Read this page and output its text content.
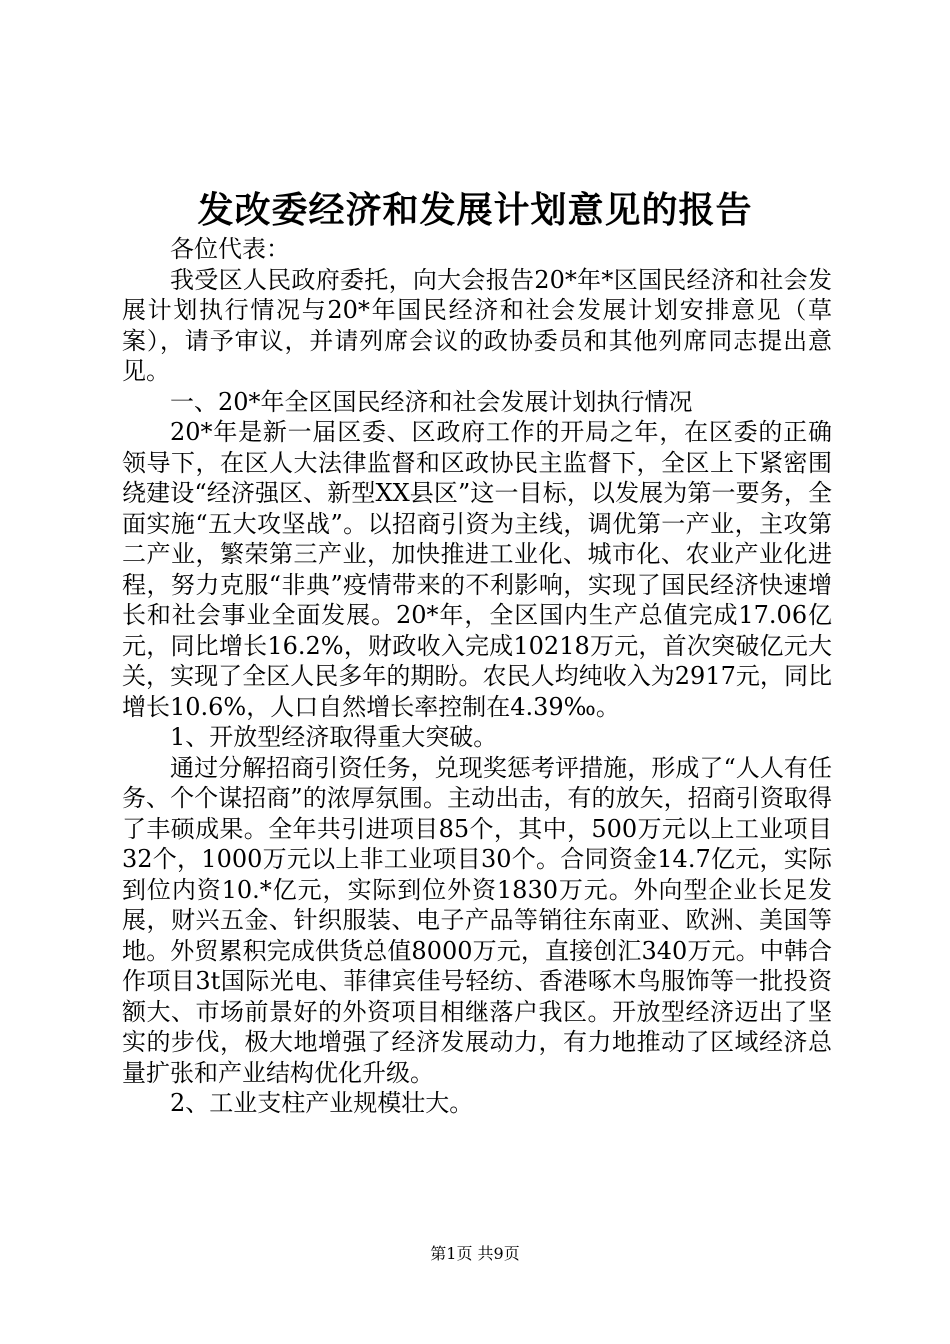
发改委经济和发展计划意见的报告

各位代表：

我受区人民政府委托，向大会报告20*年*区国民经济和社会发展计划执行情况与20*年国民经济和社会发展计划安排意见（草案），请予审议，并请列席会议的政协委员和其他列席同志提出意见。

一、20*年全区国民经济和社会发展计划执行情况

20*年是新一届区委、区政府工作的开局之年，在区委的正确领导下，在区人大法律监督和区政协民主监督下，全区上下紧密围绕建设“经济强区、新型XX县区”这一目标，以发展为第一要务，全面实施“五大攻坚战”。以招商引资为主线，调优第一产业，主攻第二产业，繁荣第三产业，加快推进工业化、城市化、农业产业化进程，努力克服“非典”疫情带来的不利影响，实现了国民经济快速增长和社会事业全面发展。20*年，全区国内生产总值完成17.06亿元，同比增长16.2%，财政收入完成10218万元，首次突破亿元大关，实现了全区人民多年的期盼。农民人均纯收入为2917元，同比增长10.6%，人口自然增长率控制在4.39‰。

1、开放型经济取得重大突破。

通过分解招商引资任务，兑现奖惩考评措施，形成了“人人有任务、个个谋招商”的浓厚氛围。主动出击，有的放矢，招商引资取得了丰硕成果。全年共引进项目85个，其中，500万元以上工业项目32个，1000万元以上非工业项目30个。合同资金14.7亿元，实际到位内资10.*亿元，实际到位外资1830万元。外向型企业长足发展，财兴五金、针织服装、电子产品等销往东南亚、欧洲、美国等地。外贸累积完成供货总值8000万元，直接创汇340万元。中韩合作项目3t国际光电、菲律宾佳号轻纺、香港啄木鸟服饰等一批投资额大、市场前景好的外资项目相继落户我区。开放型经济迈出了坚实的步伐，极大地增强了经济发展动力，有力地推动了区域经济总量扩张和产业结构优化升级。

2、工业支柱产业规模壮大。

第1页 共9页
